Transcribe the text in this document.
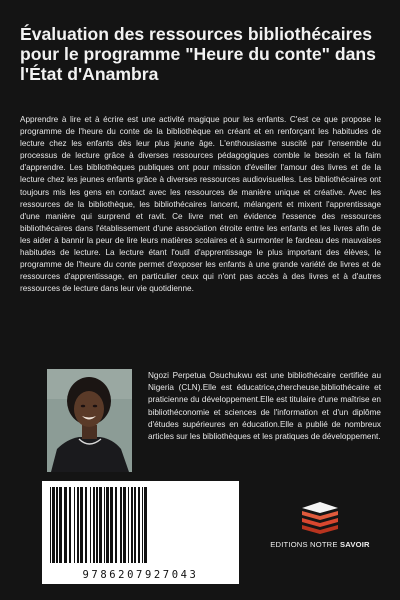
Évaluation des ressources bibliothécaires pour le programme "Heure du conte" dans l'État d'Anambra

Apprendre à lire et à écrire est une activité magique pour les enfants. C'est ce que propose le programme de l'heure du conte de la bibliothèque en créant et en renforçant les habitudes de lecture chez les enfants dès leur plus jeune âge. L'enthousiasme suscité par l'ensemble du processus de lecture grâce à diverses ressources pédagogiques comble le besoin et la faim d'apprendre. Les bibliothèques publiques ont pour mission d'éveiller l'amour des livres et de la lecture chez les jeunes enfants grâce à diverses ressources audiovisuelles. Les bibliothécaires ont toujours mis les gens en contact avec les ressources de manière unique et créative. Avec les ressources de la bibliothèque, les bibliothécaires lancent, mélangent et mixent l'apprentissage d'une manière qui surprend et ravit. Ce livre met en évidence l'essence des ressources bibliothécaires dans l'établissement d'une association étroite entre les enfants et les livres afin de les aider à bannir la peur de lire leurs matières scolaires et à surmonter le fardeau des mauvaises habitudes de lecture. La lecture étant l'outil d'apprentissage le plus important des élèves, le programme de l'heure du conte permet d'exposer les enfants à une grande variété de livres et de ressources d'apprentissage, en particulier ceux qui n'ont pas accès à des livres et à d'autres ressources de lecture dans leur vie quotidienne.

Ngozi Perpetua Osuchukwu est une bibliothécaire certifiée au Nigeria (CLN).Elle est éducatrice,chercheuse,bibliothécaire et praticienne du développement.Elle est titulaire d'une maîtrise en bibliothéconomie et sciences de l'information et d'un diplôme d'études supérieures en éducation.Elle a publié de nombreux articles sur les bibliothèques et les pratiques de développement.

9786207927043
EDITIONS NOTRE SAVOIR
